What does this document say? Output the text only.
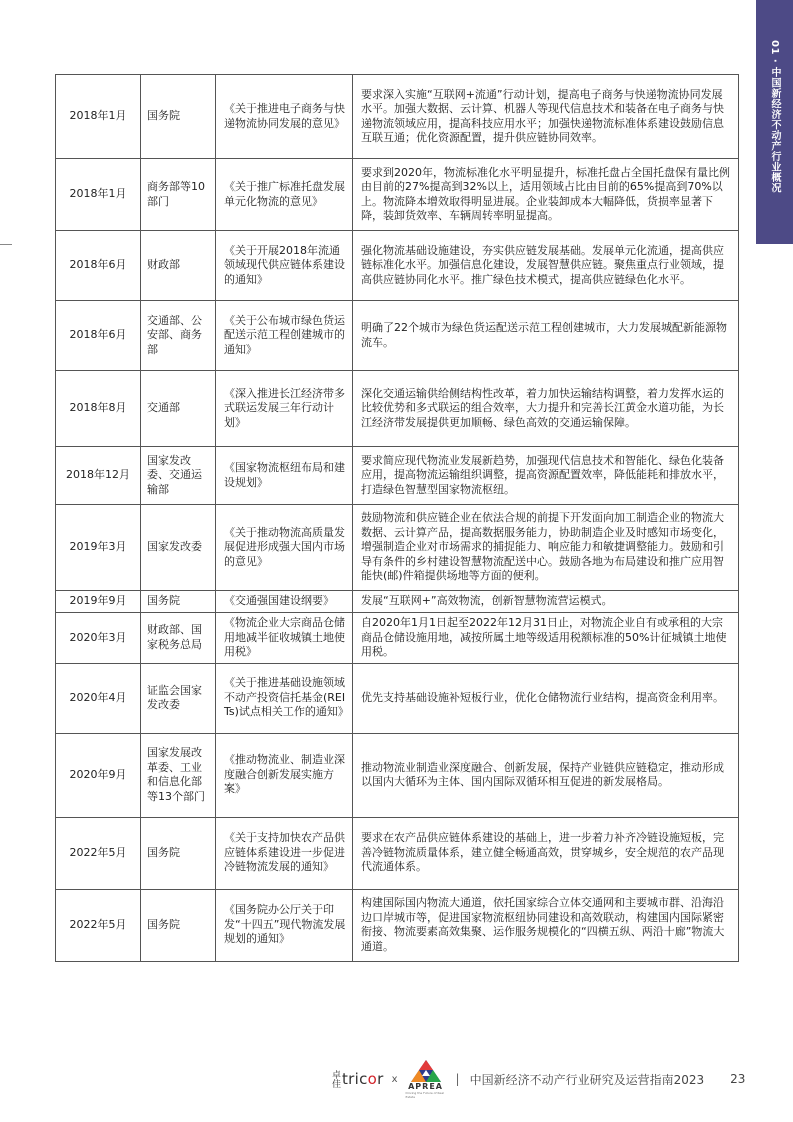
01 · 中国新经济不动产行业概况
2018年1月	国务院	《关于推进电子商务与快递物流协同发展的意见》	要求深入实施“互联网+流通”行动计划，提高电子商务与快递物流协同发展水平。加强大数据、云计算、机器人等现代信息技术和装备在电子商务与快递物流领域应用，提高科技应用水平；加强快递物流标准体系建设鼓励信息互联互通；优化资源配置，提升供应链协同效率。
2018年1月	商务部等10部门	《关于推广标准托盘发展单元化物流的意见》	要求到2020年，物流标准化水平明显提升，标准托盘占全国托盘保有量比例由目前的27%提高到32%以上，适用领域占比由目前的65%提高到70%以上。物流降本增效取得明显进展。企业装卸成本大幅降低，货损率显著下降，装卸货效率、车辆周转率明显提高。
2018年6月	财政部	《关于开展2018年流通领域现代供应链体系建设的通知》	强化物流基础设施建设，夯实供应链发展基础。发展单元化流通，提高供应链标准化水平。加强信息化建设，发展智慧供应链。聚焦重点行业领域，提高供应链协同化水平。推广绿色技术模式，提高供应链绿色化水平。
2018年6月	交通部、公安部、商务部	《关于公布城市绿色货运配送示范工程创建城市的通知》	明确了22个城市为绿色货运配送示范工程创建城市，大力发展城配新能源物流车。
2018年8月	交通部	《深入推进长江经济带多式联运发展三年行动计划》	深化交通运输供给侧结构性改革，着力加快运输结构调整，着力发挥水运的比较优势和多式联运的组合效率，大力提升和完善长江黄金水道功能，为长江经济带发展提供更加顺畅、绿色高效的交通运输保障。
2018年12月	国家发改委、交通运输部	《国家物流枢纽布局和建设规划》	要求简应现代物流业发展新趋势，加强现代信息技术和智能化、绿色化装备应用，提高物流运输组织调整，提高资源配置效率，降低能耗和排放水平，打造绿色智慧型国家物流枢纽。
2019年3月	国家发改委	《关于推动物流高质量发展促进形成强大国内市场的意见》	鼓励物流和供应链企业在依法合规的前提下开发面向加工制造企业的物流大数据、云计算产品，提高数据服务能力，协助制造企业及时感知市场变化，增强制造企业对市场需求的捕捉能力、响应能力和敏捷调整能力。鼓励和引导有条件的乡村建设智慧物流配送中心。鼓励各地为布局建设和推广应用智能快(邮)件箱提供场地等方面的便利。
2019年9月	国务院	《交通强国建设纲要》	发展“互联网+”高效物流，创新智慧物流营运模式。
2020年3月	财政部、国家税务总局	《物流企业大宗商品仓储用地减半征收城镇土地使用税》	自2020年1月1日起至2022年12月31日止，对物流企业自有或承租的大宗商品仓储设施用地，减按所属土地等级适用税额标准的50%计征城镇土地使用税。
2020年4月	证监会国家发改委	《关于推进基础设施领域不动产投资信托基金(REITs)试点相关工作的通知》	优先支持基础设施补短板行业，优化仓储物流行业结构，提高资金利用率。
2020年9月	国家发展改革委、工业和信息化部等13个部门	《推动物流业、制造业深度融合创新发展实施方案》	推动物流业制造业深度融合、创新发展，保持产业链供应链稳定，推动形成以国内大循环为主体、国内国际双循环相互促进的新发展格局。
2022年5月	国务院	《关于支持加快农产品供应链体系建设进一步促进冷链物流发展的通知》	要求在农产品供应链体系建设的基础上，进一步着力补齐冷链设施短板，完善冷链物流质量体系，建立健全畅通高效，贯穿城乡，安全规范的农产品现代流通体系。
2022年5月	国务院	《国务院办公厅关于印发“十四五”现代物流发展规划的通知》	构建国际国内物流大通道，依托国家综合立体交通网和主要城市群、沿海沿边口岸城市等，促进国家物流枢纽协同建设和高效联动，构建国内国际紧密衔接、物流要素高效集聚、运作服务规模化的“四横五纵、两沿十廊”物流大通道。
卓佳 tricor x
APREA
Driving the Future of Real Estate
| 中国新经济不动产行业研究及运营指南2023 23
